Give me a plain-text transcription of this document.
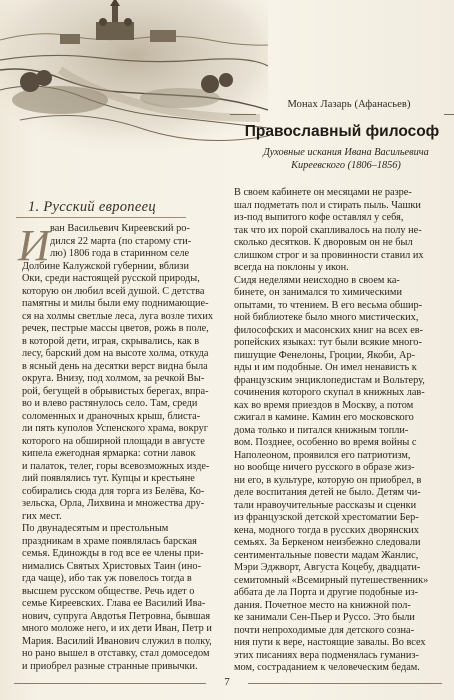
Монах Лазарь (Афанасьев)
Православный философ
Духовные искания Ивана Васильевича
Киреевского (1806–1856)
1. Русский европеец
И ван Васильевич Киреевский ро-
дился 22 марта (по старому сти-
лю) 1806 года в старинном селе
Долбине Калужской губернии, вблизи
Оки, среди настоящей русской природы,
которую он любил всей душой. С детства
памятны и милы были ему поднимающие-
ся на холмы светлые леса, луга возле тихих
речек, пестрые массы цветов, рожь в поле,
в которой дети, играя, скрывались, как в
лесу, барский дом на высоте холма, откуда
в ясный день на десятки верст видна была
округа. Внизу, под холмом, за речкой Вы-
рой, бегущей в обрывистых берегах, впра-
во и влево растянулось село. Там, среди
соломенных и драночных крыш, блиста-
ли пять куполов Успенского храма, вокруг
которого на обширной площади в августе
кипела ежегодная ярмарка: сотни лавок
и палаток, телег, горы всевозможных изде-
лий появлялись тут. Купцы и крестьяне
собирались сюда для торга из Белёва, Ко-
зельска, Орла, Лихвина и множества дру-
гих мест.
По двунадесятым и престольным
праздникам в храме появлялась барская
семья. Единожды в год все ее члены при-
нимались Святых Христовых Таин (ино-
гда чаще), ибо так уж повелось тогда в
высшем русском обществе. Речь идет о
семье Киреевских. Глава ее Василий Ива-
нович, супруга Авдотья Петровна, бывшая
много моложе него, и их дети Иван, Петр и
Мария. Василий Иванович служил в полку,
но рано вышел в отставку, стал домоседом
и приобрел разные странные привычки.
В своем кабинете он месяцами не разре-
шал подметать пол и стирать пыль. Чашки
из-под выпитого кофе оставлял у себя,
так что их порой скапливалось на полу не-
сколько десятков. К дворовым он не был
слишком строг и за провинности ставил их
всегда на поклоны у икон.
Сидя неделями неисходно в своем ка-
бинете, он занимался то химическими
опытами, то чтением. В его весьма обшир-
ной библиотеке было много мистических,
философских и масонских книг на всех ев-
ропейских языках: тут были всякие много-
пишущие Фенелоны, Гроции, Якоби, Ар-
нды и им подобные. Он имел ненависть к
французским энциклопедистам и Вольтеру,
сочинения которого скупал в книжных лав-
ках во время приездов в Москву, а потом
сжигал в камине. Камин его московского
дома только и питался книжным топли-
вом. Позднее, особенно во время войны с
Наполеоном, проявился его патриотизм,
но вообще ничего русского в образе жиз-
ни его, в культуре, которую он приобрел, в
деле воспитания детей не было. Детям чи-
тали нравоучительные рассказы и сценки
из французской детской хрестоматии Бер-
кена, модного тогда в русских дворянских
семьях. За Беркеном неизбежно следовали
сентиментальные повести мадам Жанлис,
Мэри Эджворт, Августа Коцебу, двадцати-
семитомный «Всемирный путешественник»
аббата де ла Порта и другие подобные из-
дания. Почетное место на книжной пол-
ке занимали Сен-Пьер и Руссо. Это были
почти непроходимые для детского созна-
ния пути к вере, настоящие завалы. Во всех
этих писаниях вера подменялась гуманиз-
мом, состраданием к человеческим бедам.
7
